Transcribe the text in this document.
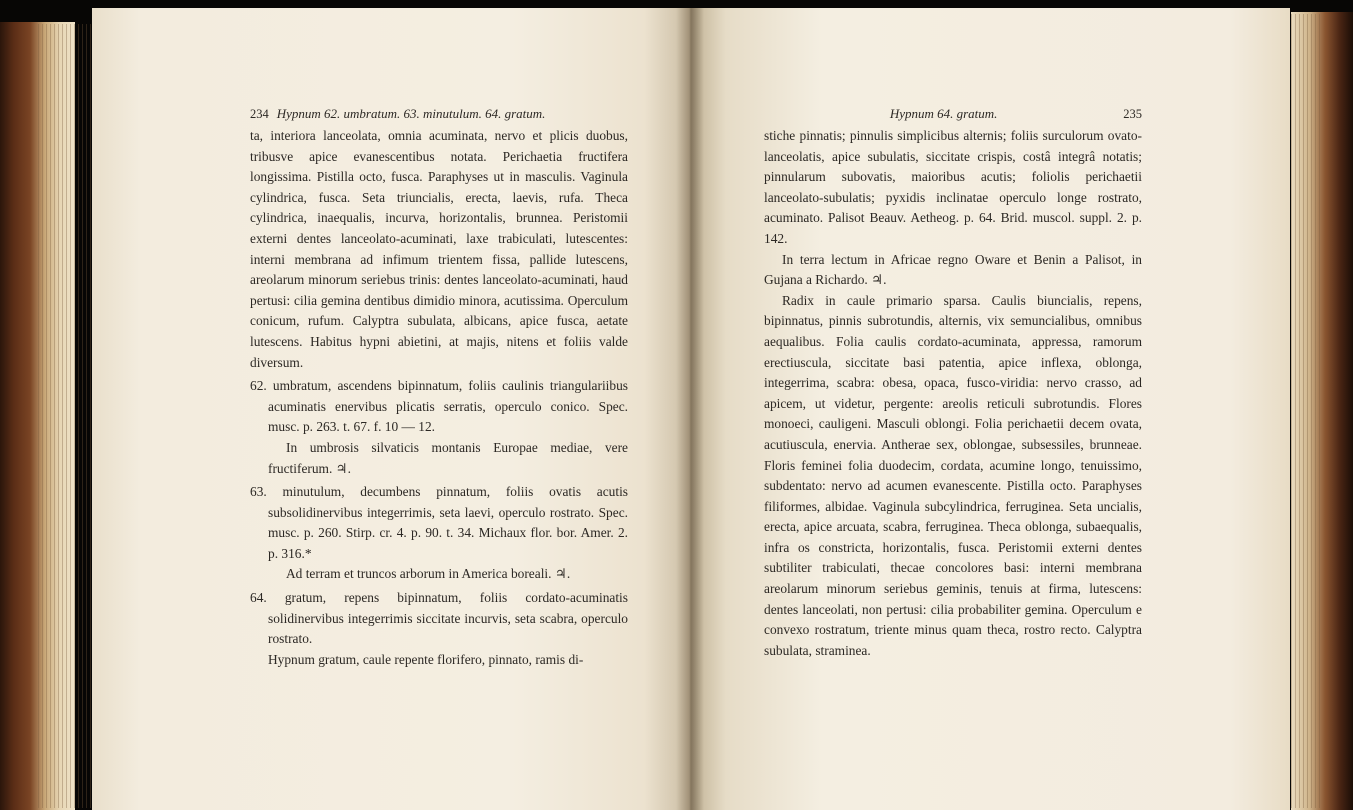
234 Hypnum 62. umbratum. 63. minutulum. 64. gratum.

ta, interiora lanceolata, omnia acuminata, nervo et plicis duobus, tribusve apice evanescentibus notata. Perichaetia fructifera longissima. Pistilla octo, fusca. Paraphyses ut in masculis. Vaginula cylindrica, fusca. Seta triuncialis, erecta, laevis, rufa. Theca cylindrica, inaequalis, incurva, horizontalis, brunnea. Peristomii externi dentes lanceolato-acuminati, laxe trabiculati, lutescentes: interni membrana ad infimum trientem fissa, pallide lutescens, areolarum minorum seriebus trinis: dentes lanceolato-acuminati, haud pertusi: cilia gemina dentibus dimidio minora, acutissima. Operculum conicum, rufum. Calyptra subulata, albicans, apice fusca, aetate lutescens. Habitus hypni abietini, at majis, nitens et foliis valde diversum.

62. umbratum, ascendens bipinnatum, foliis caulinis triangulariibus acuminatis enervibus plicatis serratis, operculo conico. Spec. musc. p. 263. t. 67. f. 10 — 12.

In umbrosis silvaticis montanis Europae mediae, vere fructiferum. ♃.

63. minutulum, decumbens pinnatum, foliis ovatis acutis subsolidinervibus integerrimis, seta laevi, operculo rostrato. Spec. musc. p. 260. Stirp. cr. 4. p. 90. t. 34. Michaux flor. bor. Amer. 2. p. 316.*

Ad terram et truncos arborum in America boreali. ♃.

64. gratum, repens bipinnatum, foliis cordato-acuminatis solidinervibus integerrimis siccitate incurvis, seta scabra, operculo rostrato.

Hypnum gratum, caule repente florifero, pinnato, ramis di-

Hypnum 64. gratum.	235

stiche pinnatis; pinnulis simplicibus alternis; foliis surculorum ovato-lanceolatis, apice subulatis, siccitate crispis, costâ integrâ notatis; pinnularum subovatis, maioribus acutis; foliolis perichaetii lanceolato-subulatis; pyxidis inclinatae operculo longe rostrato, acuminato. Palisot Beauv. Aetheog. p. 64. Brid. muscol. suppl. 2. p. 142.

In terra lectum in Africae regno Oware et Benin a Palisot, in Gujana a Richardo. ♃.

Radix in caule primario sparsa. Caulis biuncialis, repens, bipinnatus, pinnis subrotundis, alternis, vix semuncialibus, omnibus aequalibus. Folia caulis cordato-acuminata, appressa, ramorum erectiuscula, siccitate basi patentia, apice inflexa, oblonga, integerrima, scabra: obesa, opaca, fusco-viridia: nervo crasso, ad apicem, ut videtur, pergente: areolis reticuli subrotundis. Flores monoeci, cauligeni. Masculi oblongi. Folia perichaetii decem ovata, acutiuscula, enervia. Antherae sex, oblongae, subsessiles, brunneae. Floris feminei folia duodecim, cordata, acumine longo, tenuissimo, subdentato: nervo ad acumen evanescente. Pistilla octo. Paraphyses filiformes, albidae. Vaginula subcylindrica, ferruginea. Seta uncialis, erecta, apice arcuata, scabra, ferruginea. Theca oblonga, subaequalis, infra os constricta, horizontalis, fusca. Peristomii externi dentes subtiliter trabiculati, thecae concolores basi: interni membrana areolarum minorum seriebus geminis, tenuis at firma, lutescens: dentes lanceolati, non pertusi: cilia probabiliter gemina. Operculum e convexo rostratum, triente minus quam theca, rostro recto. Calyptra subulata, straminea.
